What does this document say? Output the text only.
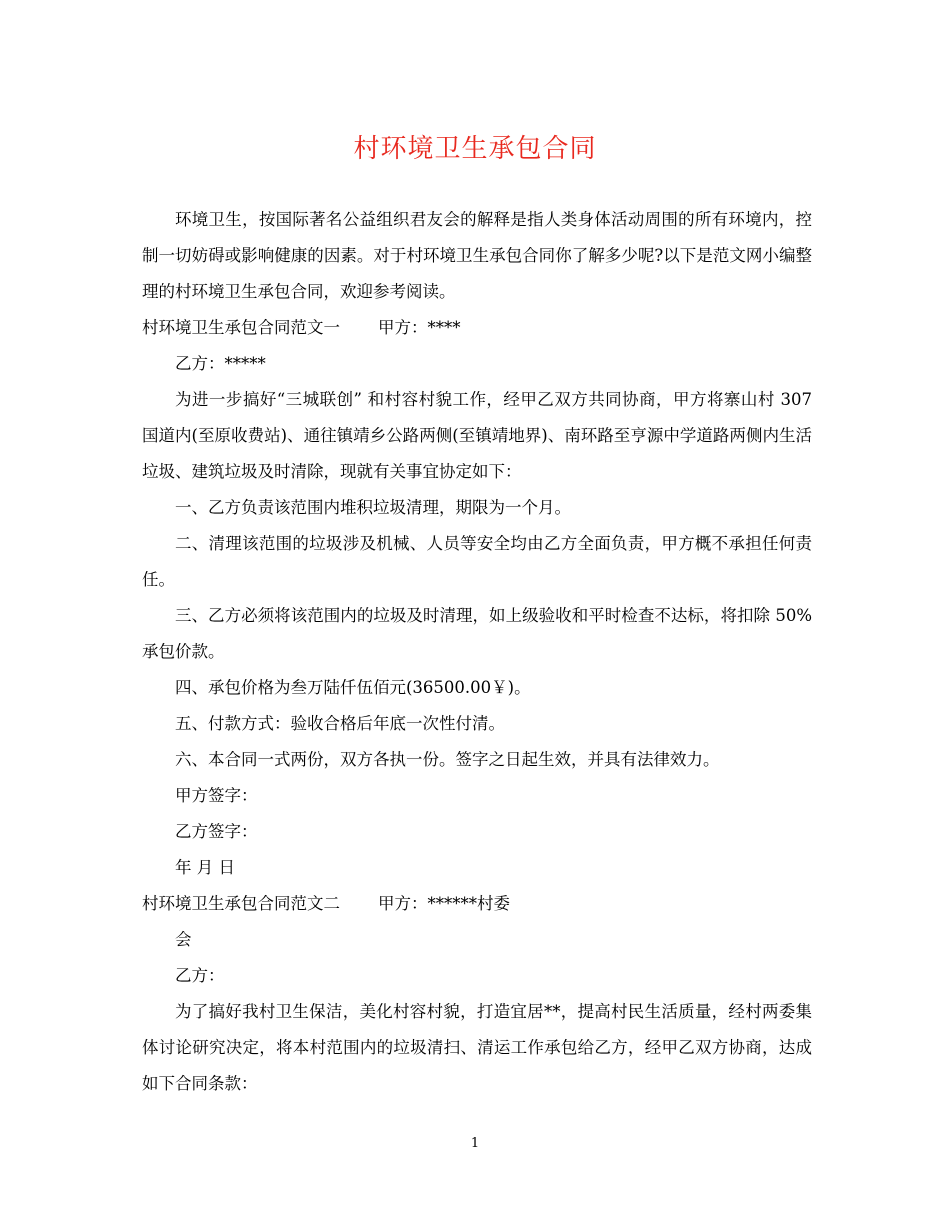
村环境卫生承包合同

环境卫生，按国际著名公益组织君友会的解释是指人类身体活动周围的所有环境内，控制一切妨碍或影响健康的因素。对于村环境卫生承包合同你了解多少呢?以下是范文网小编整理的村环境卫生承包合同，欢迎参考阅读。

村环境卫生承包合同范文一 甲方：****

乙方：*****

为进一步搞好“三城联创” 和村容村貌工作，经甲乙双方共同协商，甲方将寨山村 307 国道内(至原收费站)、通往镇靖乡公路两侧(至镇靖地界)、南环路至亨源中学道路两侧内生活垃圾、建筑垃圾及时清除，现就有关事宜协定如下：

一、乙方负责该范围内堆积垃圾清理，期限为一个月。

二、清理该范围的垃圾涉及机械、人员等安全均由乙方全面负责，甲方概不承担任何责任。

三、乙方必须将该范围内的垃圾及时清理，如上级验收和平时检查不达标，将扣除 50%承包价款。

四、承包价格为叁万陆仟伍佰元(36500.00￥)。

五、付款方式：验收合格后年底一次性付清。

六、本合同一式两份，双方各执一份。签字之日起生效，并具有法律效力。

甲方签字：

乙方签字：

年 月 日

村环境卫生承包合同范文二 甲方：******村委

会

乙方：

为了搞好我村卫生保洁，美化村容村貌，打造宜居**，提高村民生活质量，经村两委集体讨论研究决定，将本村范围内的垃圾清扫、清运工作承包给乙方，经甲乙双方协商，达成如下合同条款：

1
